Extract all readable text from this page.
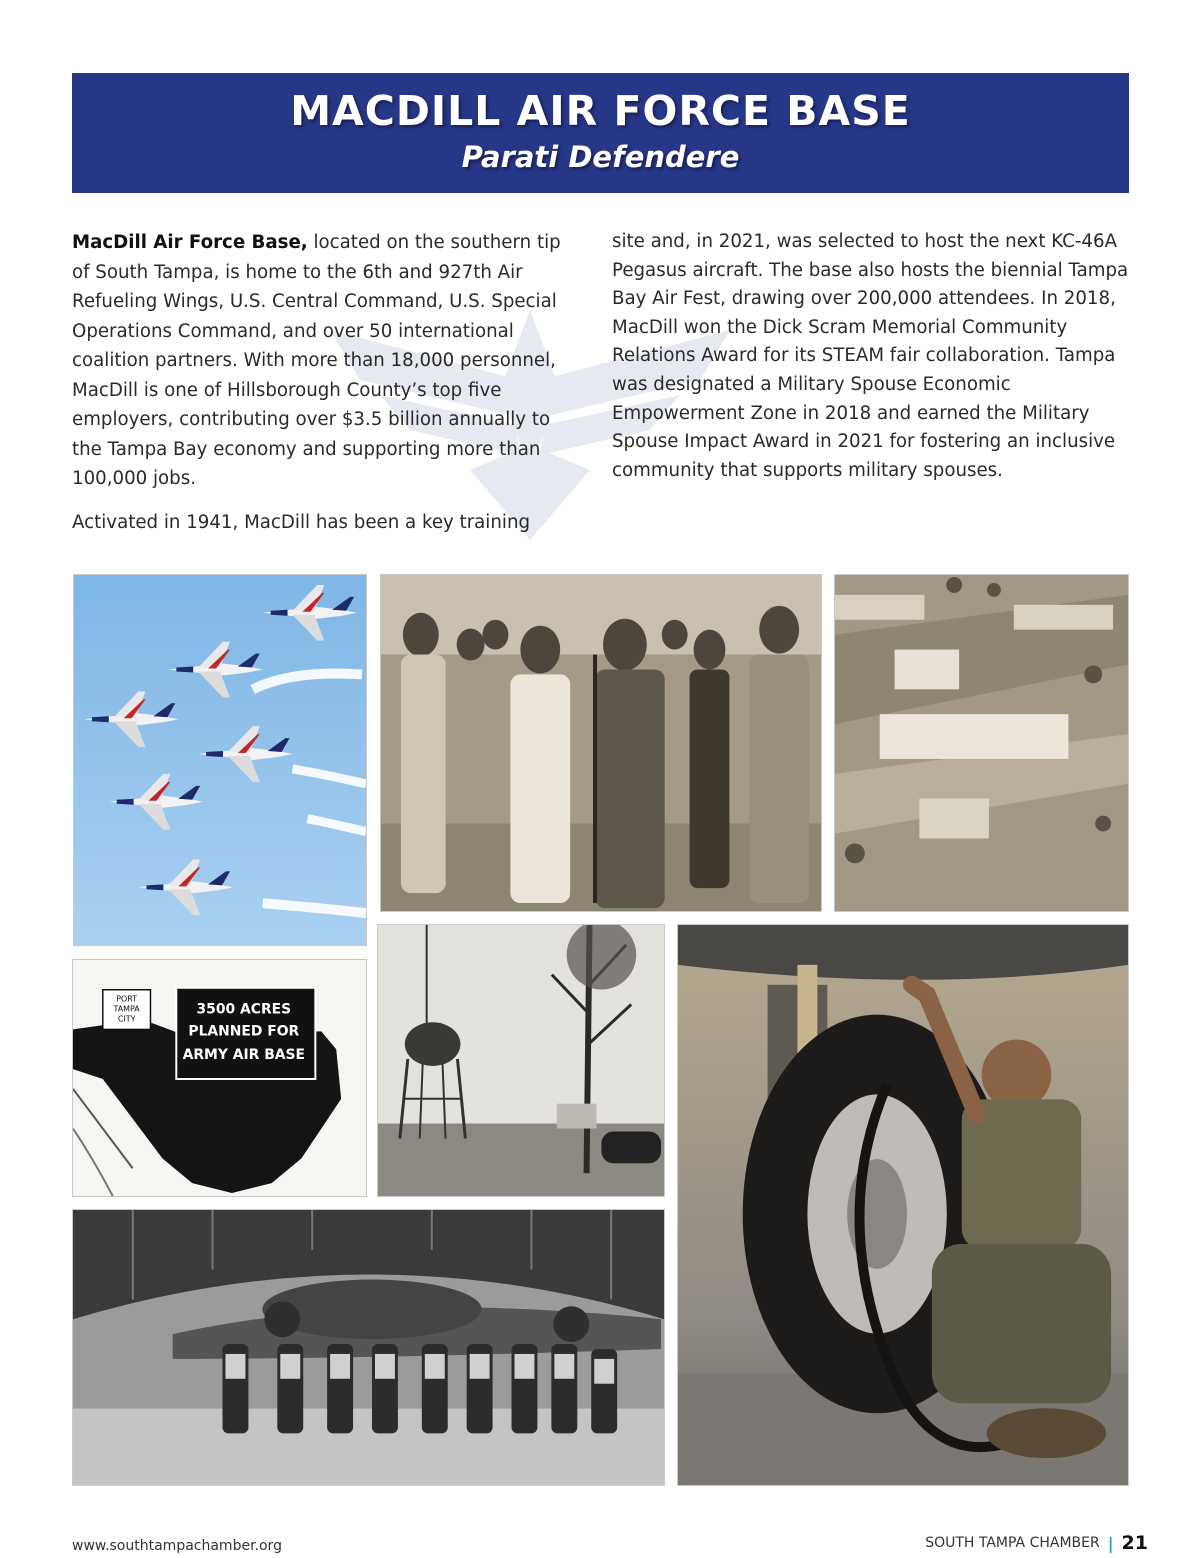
MACDILL AIR FORCE BASE
Parati Defendere

MacDill Air Force Base, located on the southern tip of South Tampa, is home to the 6th and 927th Air Refueling Wings, U.S. Central Command, U.S. Special Operations Command, and over 50 international coalition partners. With more than 18,000 personnel, MacDill is one of Hillsborough County’s top five employers, contributing over $3.5 billion annually to the Tampa Bay economy and supporting more than 100,000 jobs.

Activated in 1941, MacDill has been a key training

site and, in 2021, was selected to host the next KC-46A Pegasus aircraft. The base also hosts the biennial Tampa Bay Air Fest, drawing over 200,000 attendees. In 2018, MacDill won the Dick Scram Memorial Community Relations Award for its STEAM fair collaboration. Tampa was designated a Military Spouse Economic Empowerment Zone in 2018 and earned the Military Spouse Impact Award in 2021 for fostering an inclusive community that supports military spouses.

PORT
TAMPA
CITY
3500 ACRES
PLANNED FOR
ARMY AIR BASE
www.southtampachamber.org	SOUTH TAMPA CHAMBER | 21
